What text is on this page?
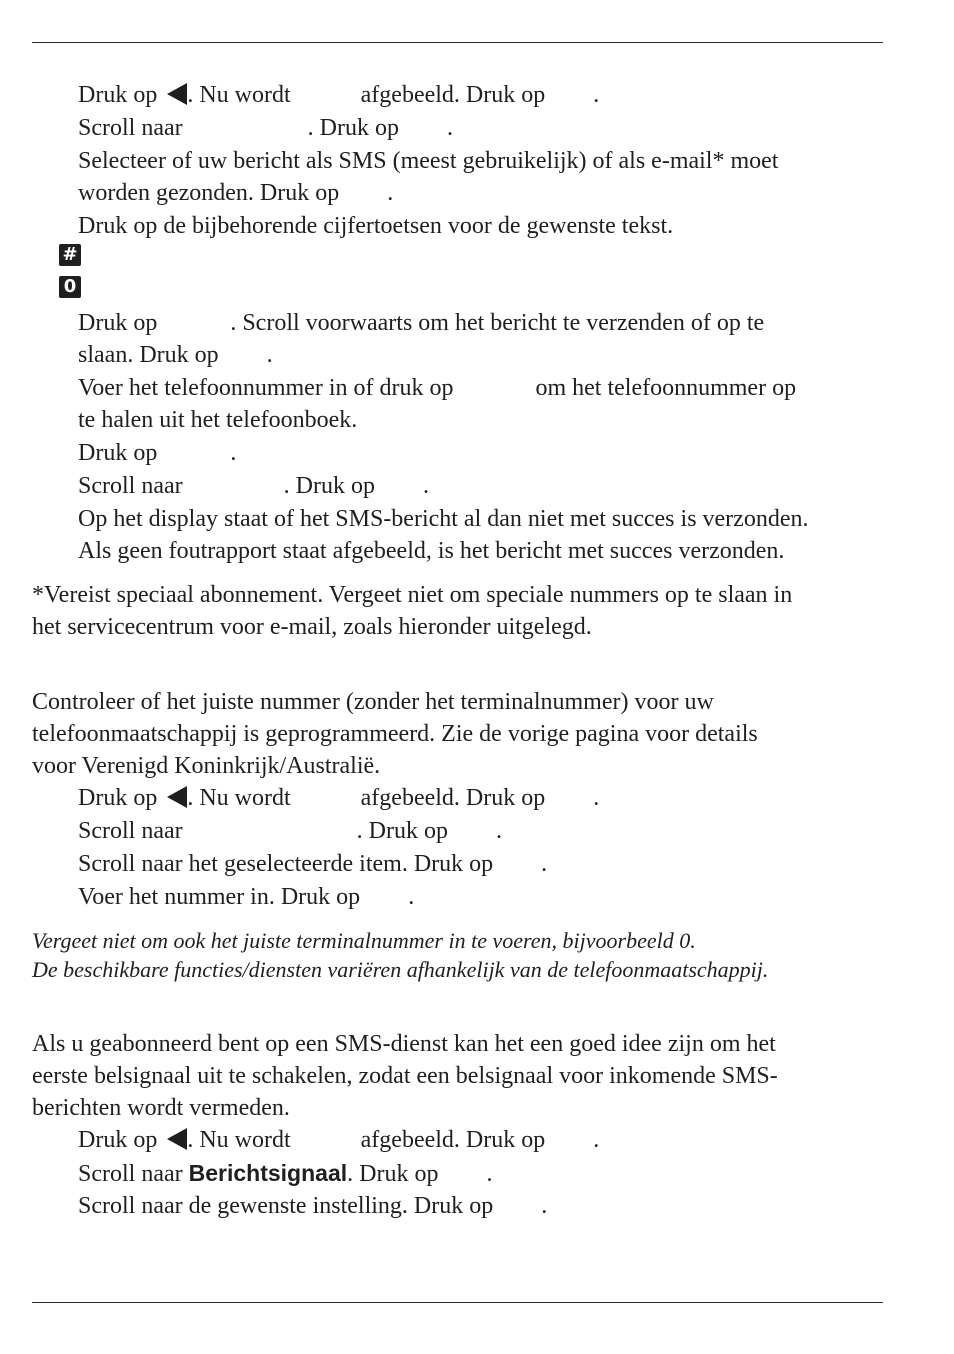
Druk op . Nu wordt	afgebeeld. Druk op .
Scroll naar	. Druk op .
Selecteer of uw bericht als SMS (meest gebruikelijk) of als e-mail* moet
worden gezonden. Druk op .
Druk op de bijbehorende cijfertoetsen voor de gewenste tekst.
#
0
Druk op	. Scroll voorwaarts om het bericht te verzenden of op te
slaan. Druk op .
Voer het telefoonnummer in of druk op	om het telefoonnummer op
te halen uit het telefoonboek.
Druk op	.
Scroll naar	. Druk op .
Op het display staat of het SMS-bericht al dan niet met succes is verzonden.
Als geen foutrapport staat afgebeeld, is het bericht met succes verzonden.
*Vereist speciaal abonnement. Vergeet niet om speciale nummers op te slaan in
het servicecentrum voor e-mail, zoals hieronder uitgelegd.
Controleer of het juiste nummer (zonder het terminalnummer) voor uw
telefoonmaatschappij is geprogrammeerd. Zie de vorige pagina voor details
voor Verenigd Koninkrijk/Australië.
Druk op . Nu wordt	afgebeeld. Druk op .
Scroll naar	. Druk op .
Scroll naar het geselecteerde item. Druk op .
Voer het nummer in. Druk op .
Vergeet niet om ook het juiste terminalnummer in te voeren, bijvoorbeeld 0.
De beschikbare functies/diensten variëren afhankelijk van de telefoonmaatschappij.
Als u geabonneerd bent op een SMS-dienst kan het een goed idee zijn om het
eerste belsignaal uit te schakelen, zodat een belsignaal voor inkomende SMS-
berichten wordt vermeden.
Druk op . Nu wordt	afgebeeld. Druk op .
Scroll naar Berichtsignaal. Druk op .
Scroll naar de gewenste instelling. Druk op .
